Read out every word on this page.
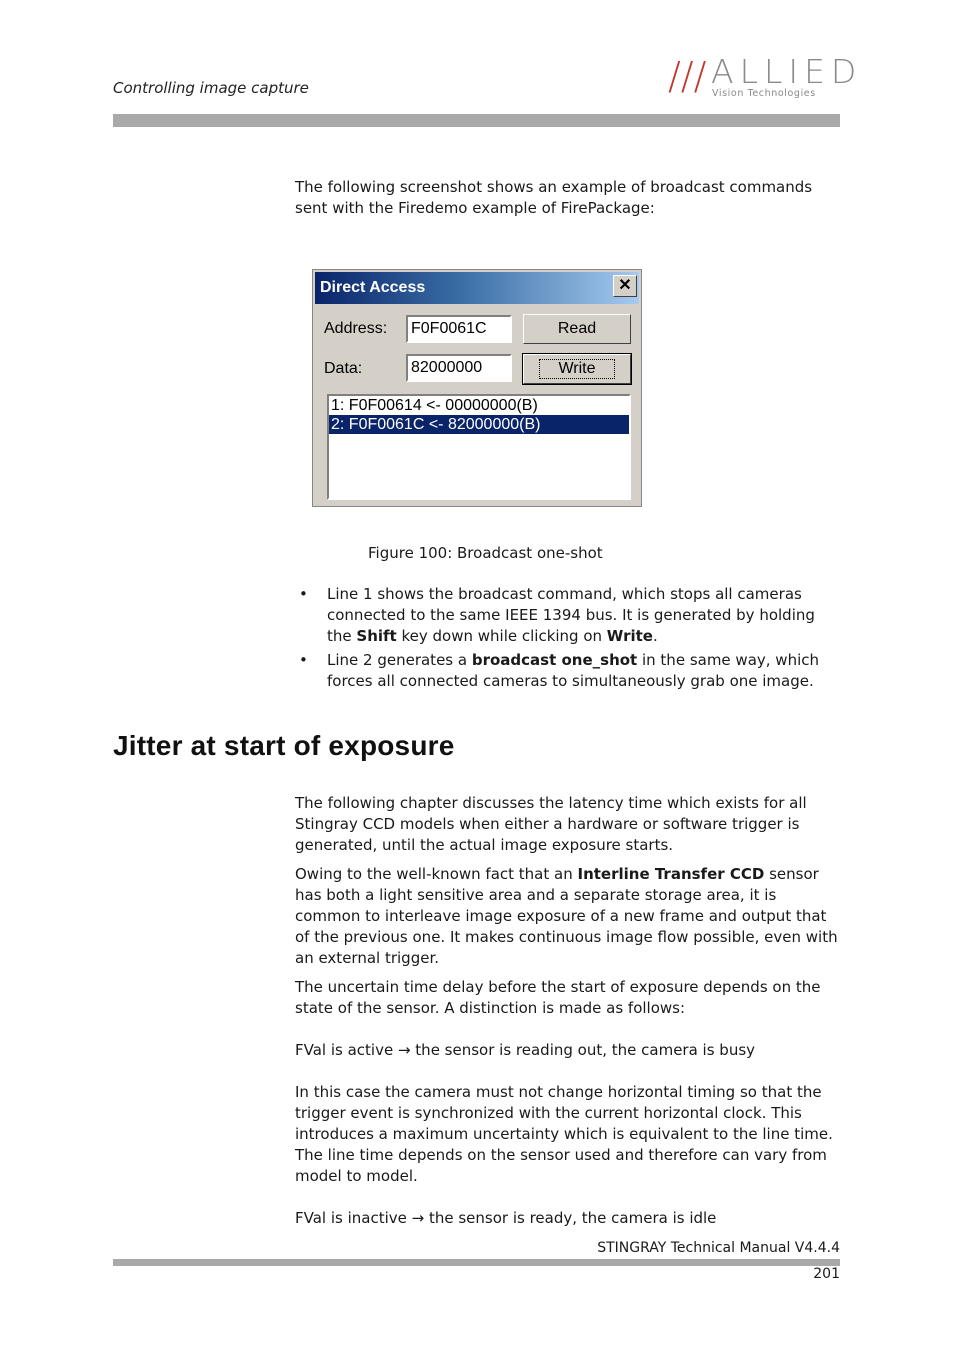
Controlling image capture	/// ALLIED
Vision Technologies
The following screenshot shows an example of broadcast commands sent with the Firedemo example of FirePackage:
Direct Access	✕
Address:	F0F0061C	Read
Data:	82000000	Write
1: F0F00614 <- 00000000(B)
2: F0F0061C <- 82000000(B)
Figure 100: Broadcast one-shot
• Line 1 shows the broadcast command, which stops all cameras connected to the same IEEE 1394 bus. It is generated by holding the Shift key down while clicking on Write.
• Line 2 generates a broadcast one_shot in the same way, which forces all connected cameras to simultaneously grab one image.
Jitter at start of exposure

The following chapter discusses the latency time which exists for all Stingray CCD models when either a hardware or software trigger is generated, until the actual image exposure starts.

Owing to the well-known fact that an Interline Transfer CCD sensor has both a light sensitive area and a separate storage area, it is common to interleave image exposure of a new frame and output that of the previous one. It makes continuous image flow possible, even with an external trigger.

The uncertain time delay before the start of exposure depends on the state of the sensor. A distinction is made as follows:

FVal is active → the sensor is reading out, the camera is busy

In this case the camera must not change horizontal timing so that the trigger event is synchronized with the current horizontal clock. This introduces a maximum uncertainty which is equivalent to the line time. The line time depends on the sensor used and therefore can vary from model to model.

FVal is inactive → the sensor is ready, the camera is idle

STINGRAY Technical Manual V4.4.4
201
